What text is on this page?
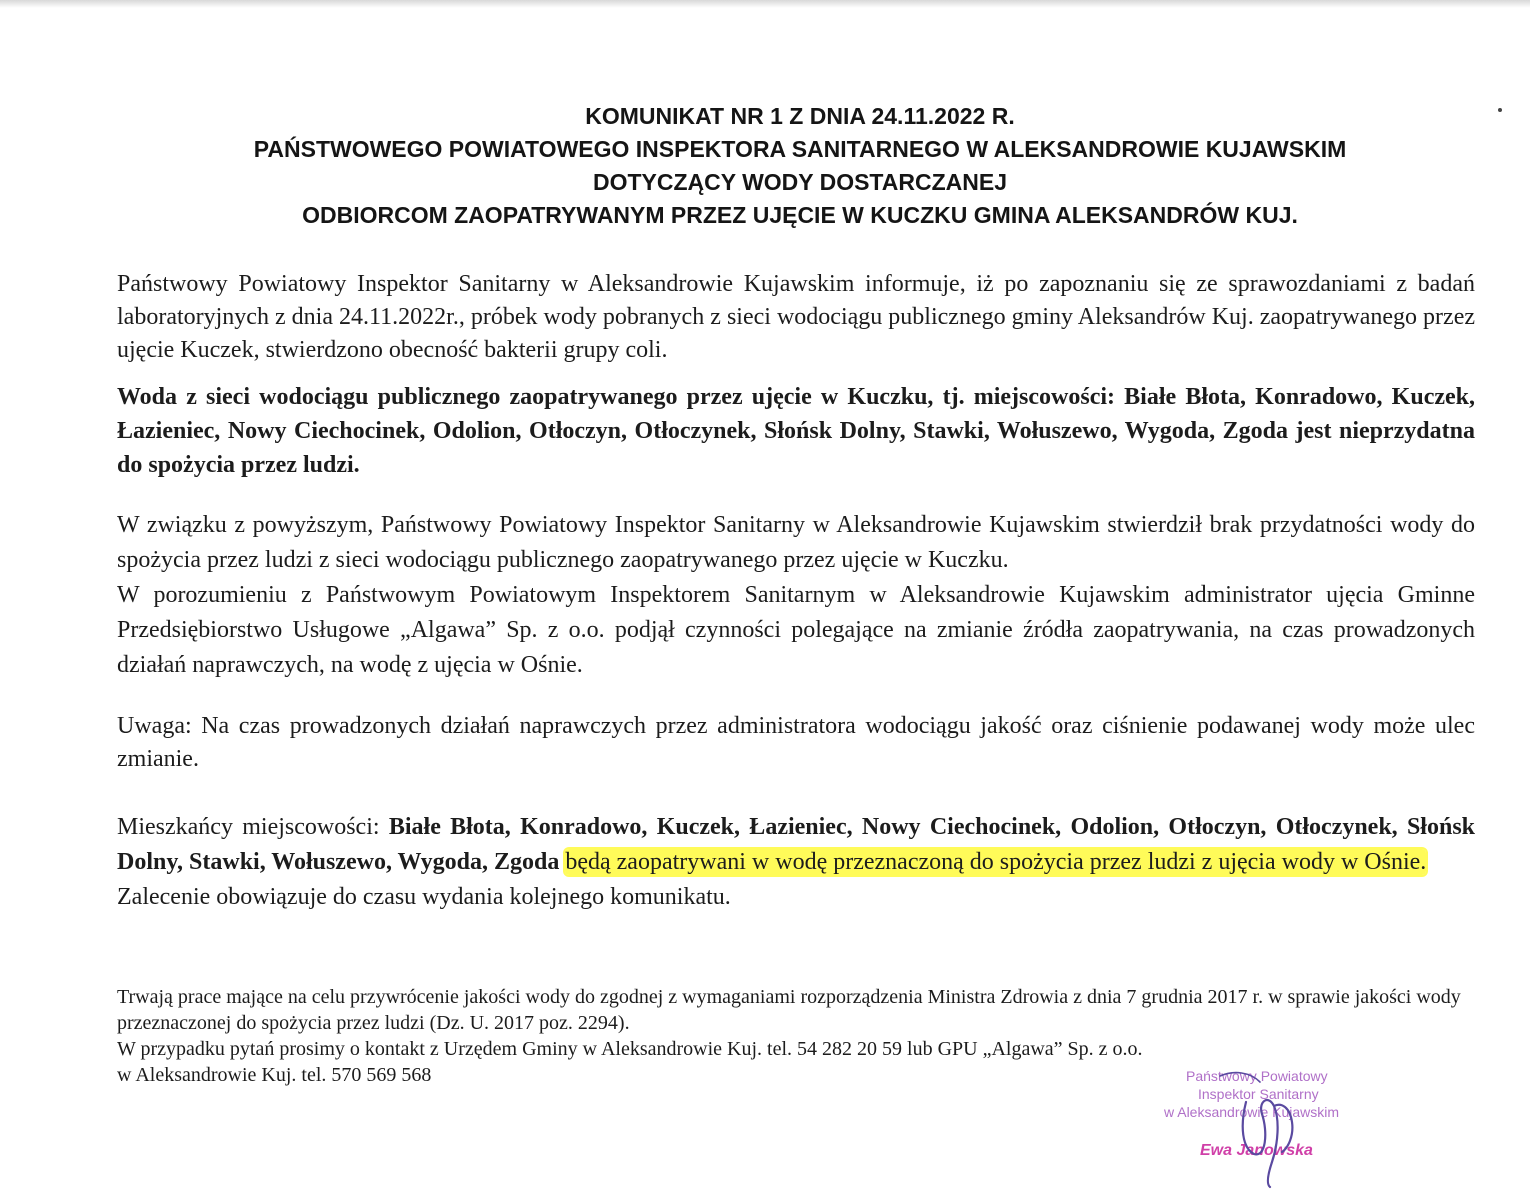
KOMUNIKAT NR 1 Z DNIA 24.11.2022 R.
PAŃSTWOWEGO POWIATOWEGO INSPEKTORA SANITARNEGO W ALEKSANDROWIE KUJAWSKIM
DOTYCZĄCY WODY DOSTARCZANEJ
ODBIORCOM ZAOPATRYWANYM PRZEZ UJĘCIE W KUCZKU GMINA ALEKSANDRÓW KUJ.
Państwowy Powiatowy Inspektor Sanitarny w Aleksandrowie Kujawskim informuje, iż po zapoznaniu się ze sprawozdaniami z badań laboratoryjnych z dnia 24.11.2022r., próbek wody pobranych z sieci wodociągu publicznego gminy Aleksandrów Kuj. zaopatrywanego przez ujęcie Kuczek, stwierdzono obecność bakterii grupy coli.
Woda z sieci wodociągu publicznego zaopatrywanego przez ujęcie w Kuczku, tj. miejscowości: Białe Błota, Konradowo, Kuczek, Łazieniec, Nowy Ciechocinek, Odolion, Otłoczyn, Otłoczynek, Słońsk Dolny, Stawki, Wołuszewo, Wygoda, Zgoda jest nieprzydatna do spożycia przez ludzi.
W związku z powyższym, Państwowy Powiatowy Inspektor Sanitarny w Aleksandrowie Kujawskim stwierdził brak przydatności wody do spożycia przez ludzi z sieci wodociągu publicznego zaopatrywanego przez ujęcie w Kuczku.
W porozumieniu z Państwowym Powiatowym Inspektorem Sanitarnym w Aleksandrowie Kujawskim administrator ujęcia Gminne Przedsiębiorstwo Usługowe „Algawa” Sp. z o.o. podjął czynności polegające na zmianie źródła zaopatrywania, na czas prowadzonych działań naprawczych, na wodę z ujęcia w Ośnie.
Uwaga: Na czas prowadzonych działań naprawczych przez administratora wodociągu jakość oraz ciśnienie podawanej wody może ulec zmianie.
Mieszkańcy miejscowości: Białe Błota, Konradowo, Kuczek, Łazieniec, Nowy Ciechocinek, Odolion, Otłoczyn, Otłoczynek, Słońsk Dolny, Stawki, Wołuszewo, Wygoda, Zgoda będą zaopatrywani w wodę przeznaczoną do spożycia przez ludzi z ujęcia wody w Ośnie.
Zalecenie obowiązuje do czasu wydania kolejnego komunikatu.
Trwają prace mające na celu przywrócenie jakości wody do zgodnej z wymaganiami rozporządzenia Ministra Zdrowia z dnia 7 grudnia 2017 r. w sprawie jakości wody przeznaczonej do spożycia przez ludzi (Dz. U. 2017 poz. 2294).
W przypadku pytań prosimy o kontakt z Urzędem Gminy w Aleksandrowie Kuj. tel. 54 282 20 59 lub GPU „Algawa” Sp. z o.o.
w Aleksandrowie Kuj. tel. 570 569 568	Państwowy Powiatowy
Inspektor Sanitarny
w Aleksandrowie Kujawskim
Ewa Janowska
